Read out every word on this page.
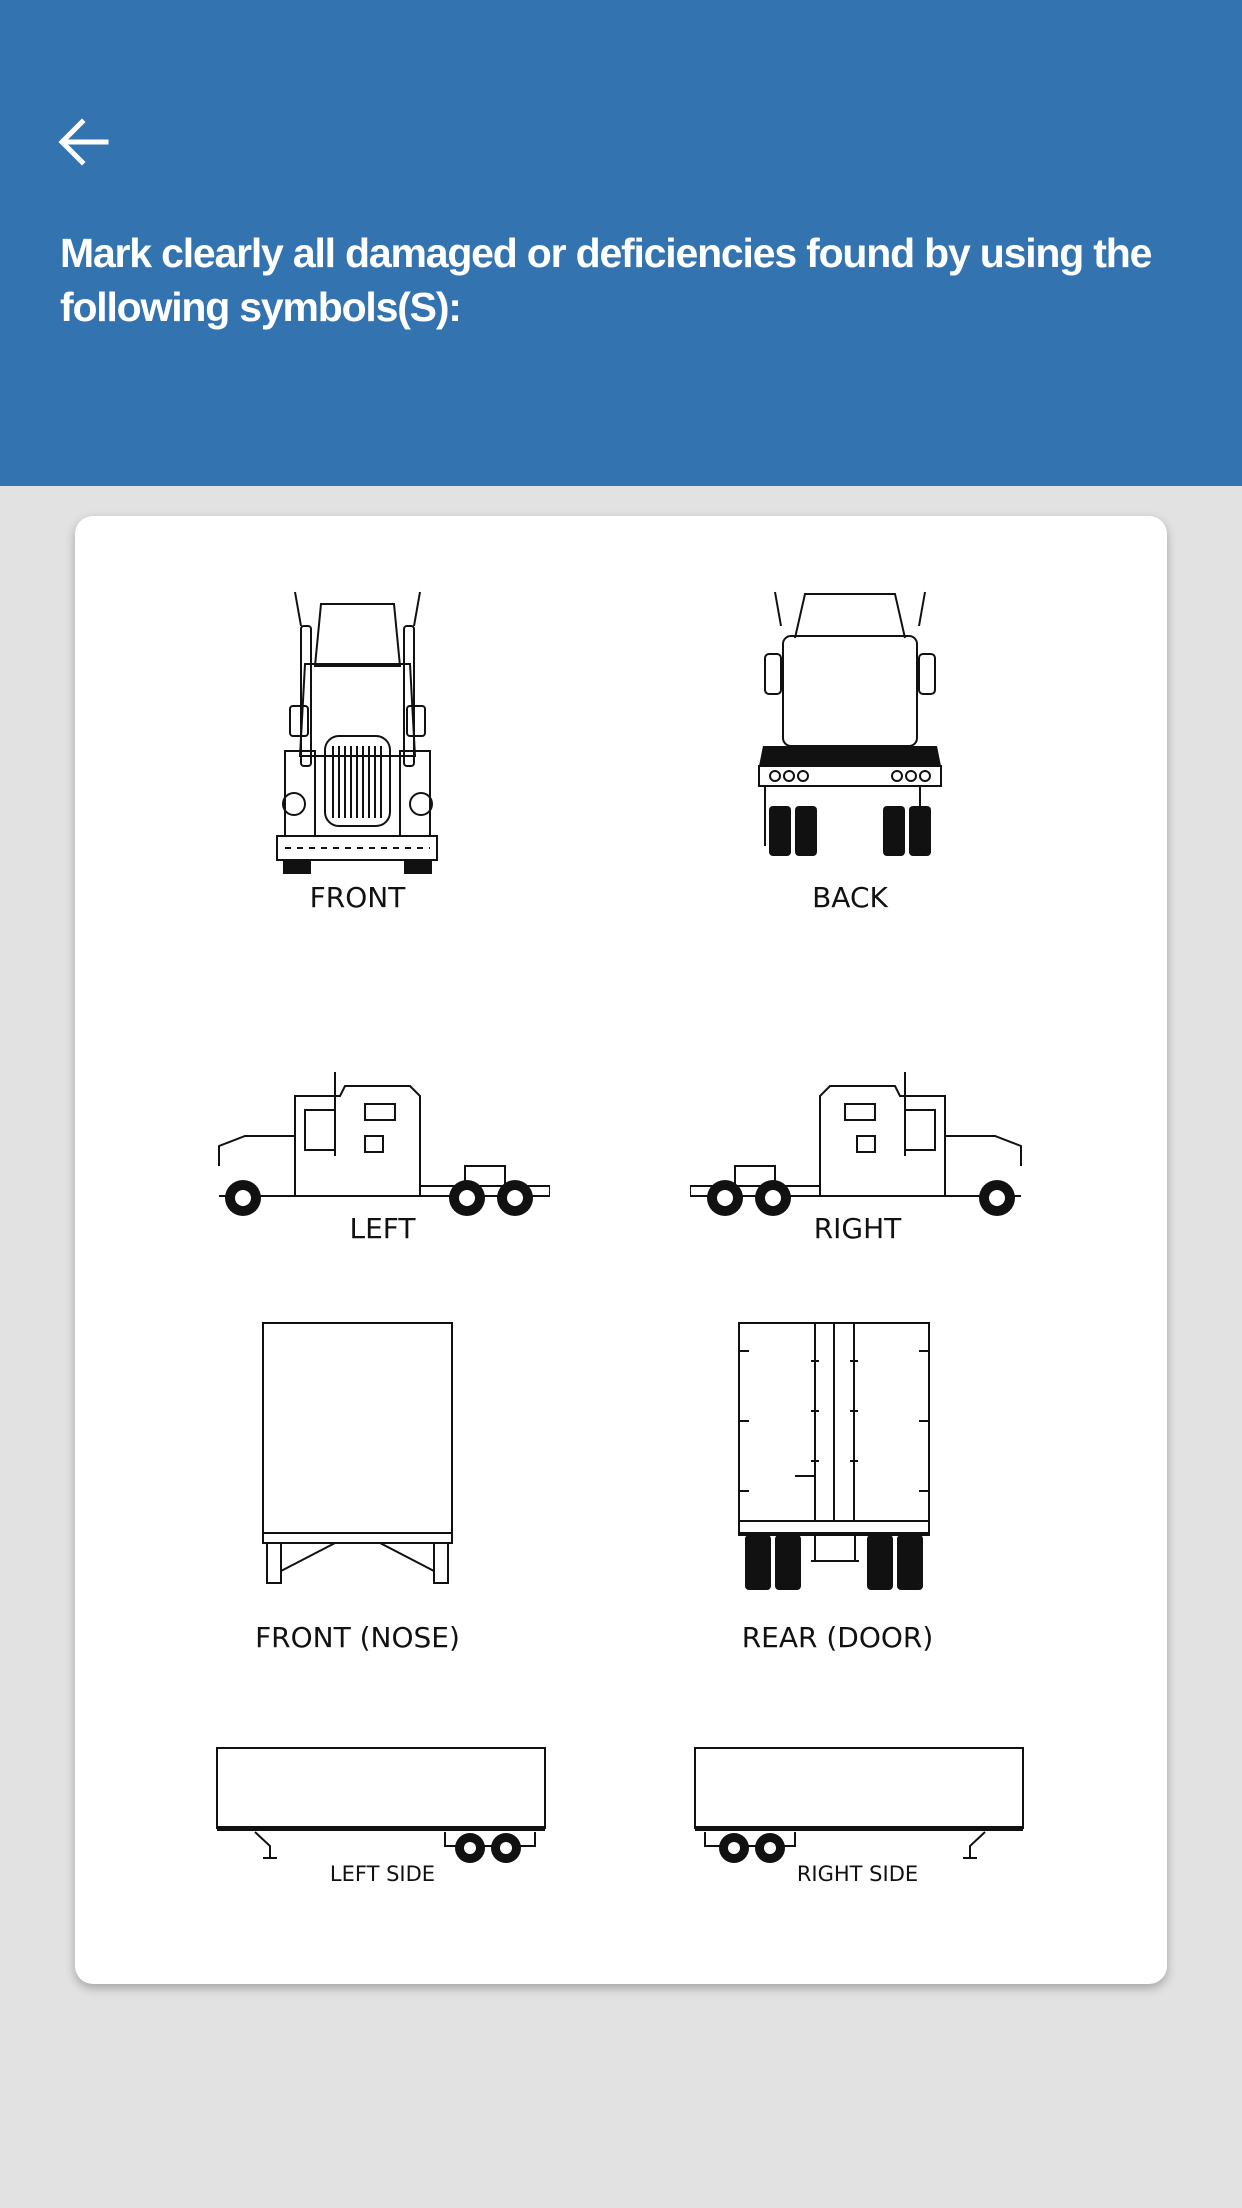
Mark clearly all damaged or deficiencies found by using the following symbols(S):
FRONT	BACK
LEFT	RIGHT
FRONT (NOSE)	REAR (DOOR)
LEFT SIDE	RIGHT SIDE
